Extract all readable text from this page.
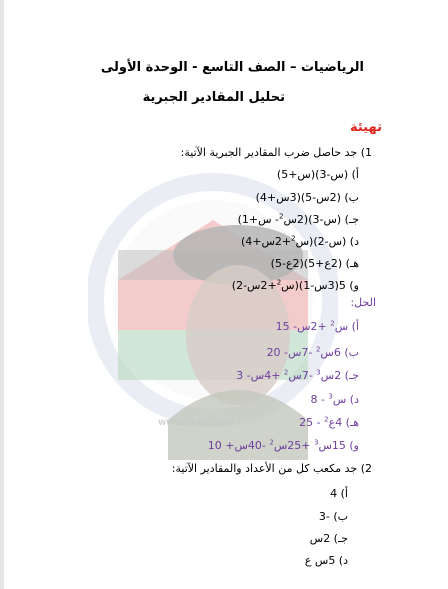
www.jo-ex.com
الرياضيات – الصف التاسع - الوحدة الأولى
تحليل المقادير الجبرية
تهيئة
1) جد حاصل ضرب المقادير الجبرية الآتية:
أ) (س-3)(س+5)
ب) (2س-5)(3س+4)
جـ) (س-3)(2س$^2$- س+1)
د) (س-2)(س$^2$+2س+4)
هـ) (2ع+5)(2ع-5)
و) 5(3س-1)(س$^2$+2س-2)
الحل:
أ) س$^2$ +2س- 15
ب) 6س$^2$ -7س- 20
جـ) 2س$^3$ -7س$^2$ +4س- 3
د) س$^3$ - 8
هـ) 4ع$^2$ - 25
و) 15س$^3$ +25س$^2$ -40س+ 10
2) جد مكعب كل من الأعداد والمقادير الآتية:
أ) 4
ب) -3
جـ) 2س
د) 5س ع
